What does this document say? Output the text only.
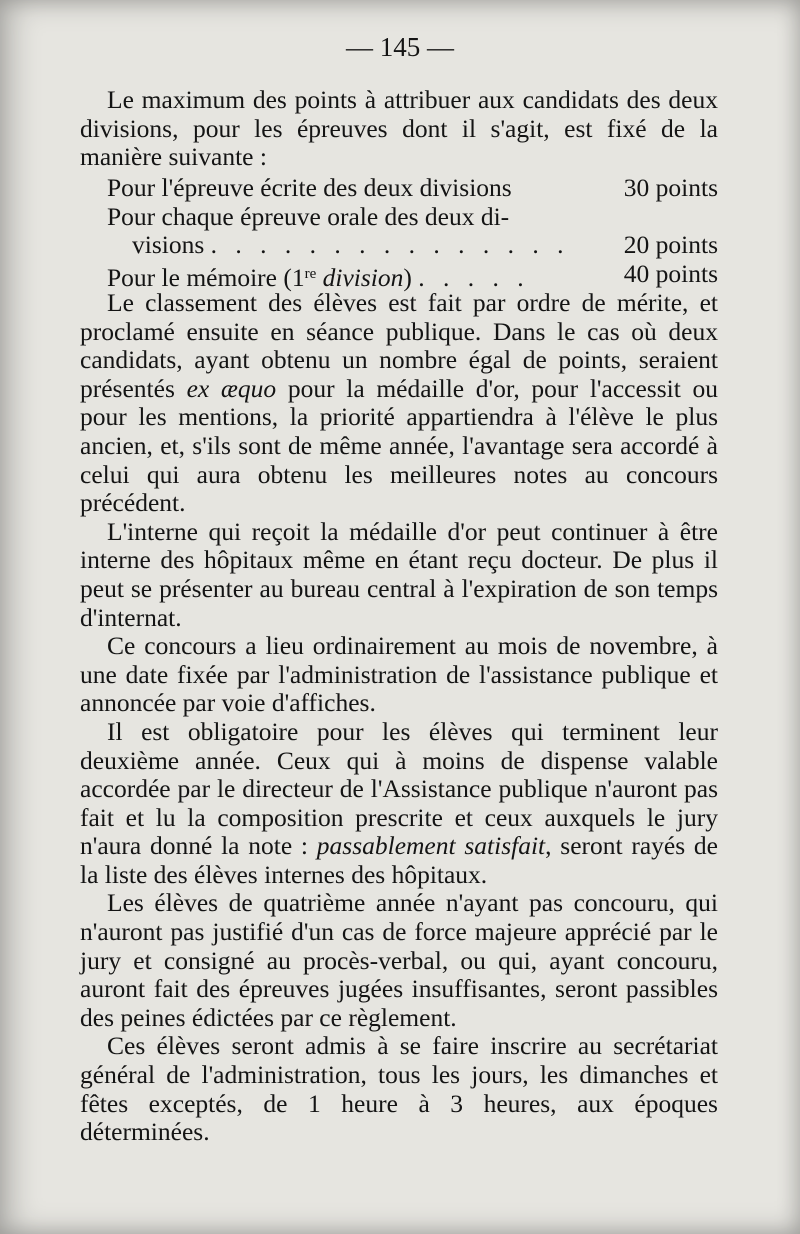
— 145 —

Le maximum des points à attribuer aux candidats des deux divisions, pour les épreuves dont il s'agit, est fixé de la manière suivante :

Pour l'épreuve écrite des deux divisions	30 points
Pour chaque épreuve orale des deux di-
visions . . . . . . . . . . . . . . . 20 points
Pour le mémoire (1re division) . . . . .	40 points

Le classement des élèves est fait par ordre de mérite, et proclamé ensuite en séance publique. Dans le cas où deux candidats, ayant obtenu un nombre égal de points, seraient présentés ex æquo pour la médaille d'or, pour l'accessit ou pour les mentions, la priorité appartiendra à l'élève le plus ancien, et, s'ils sont de même année, l'avantage sera accordé à celui qui aura obtenu les meilleures notes au concours précédent.

L'interne qui reçoit la médaille d'or peut continuer à être interne des hôpitaux même en étant reçu docteur. De plus il peut se présenter au bureau central à l'expiration de son temps d'internat.

Ce concours a lieu ordinairement au mois de novembre, à une date fixée par l'administration de l'assistance publique et annoncée par voie d'affiches.

Il est obligatoire pour les élèves qui terminent leur deuxième année. Ceux qui à moins de dispense valable accordée par le directeur de l'Assistance publique n'auront pas fait et lu la composition prescrite et ceux auxquels le jury n'aura donné la note : passablement satisfait, seront rayés de la liste des élèves internes des hôpitaux.

Les élèves de quatrième année n'ayant pas concouru, qui n'auront pas justifié d'un cas de force majeure apprécié par le jury et consigné au procès-verbal, ou qui, ayant concouru, auront fait des épreuves jugées insuffisantes, seront passibles des peines édictées par ce règlement.

Ces élèves seront admis à se faire inscrire au secrétariat général de l'administration, tous les jours, les dimanches et fêtes exceptés, de 1 heure à 3 heures, aux époques déterminées.
